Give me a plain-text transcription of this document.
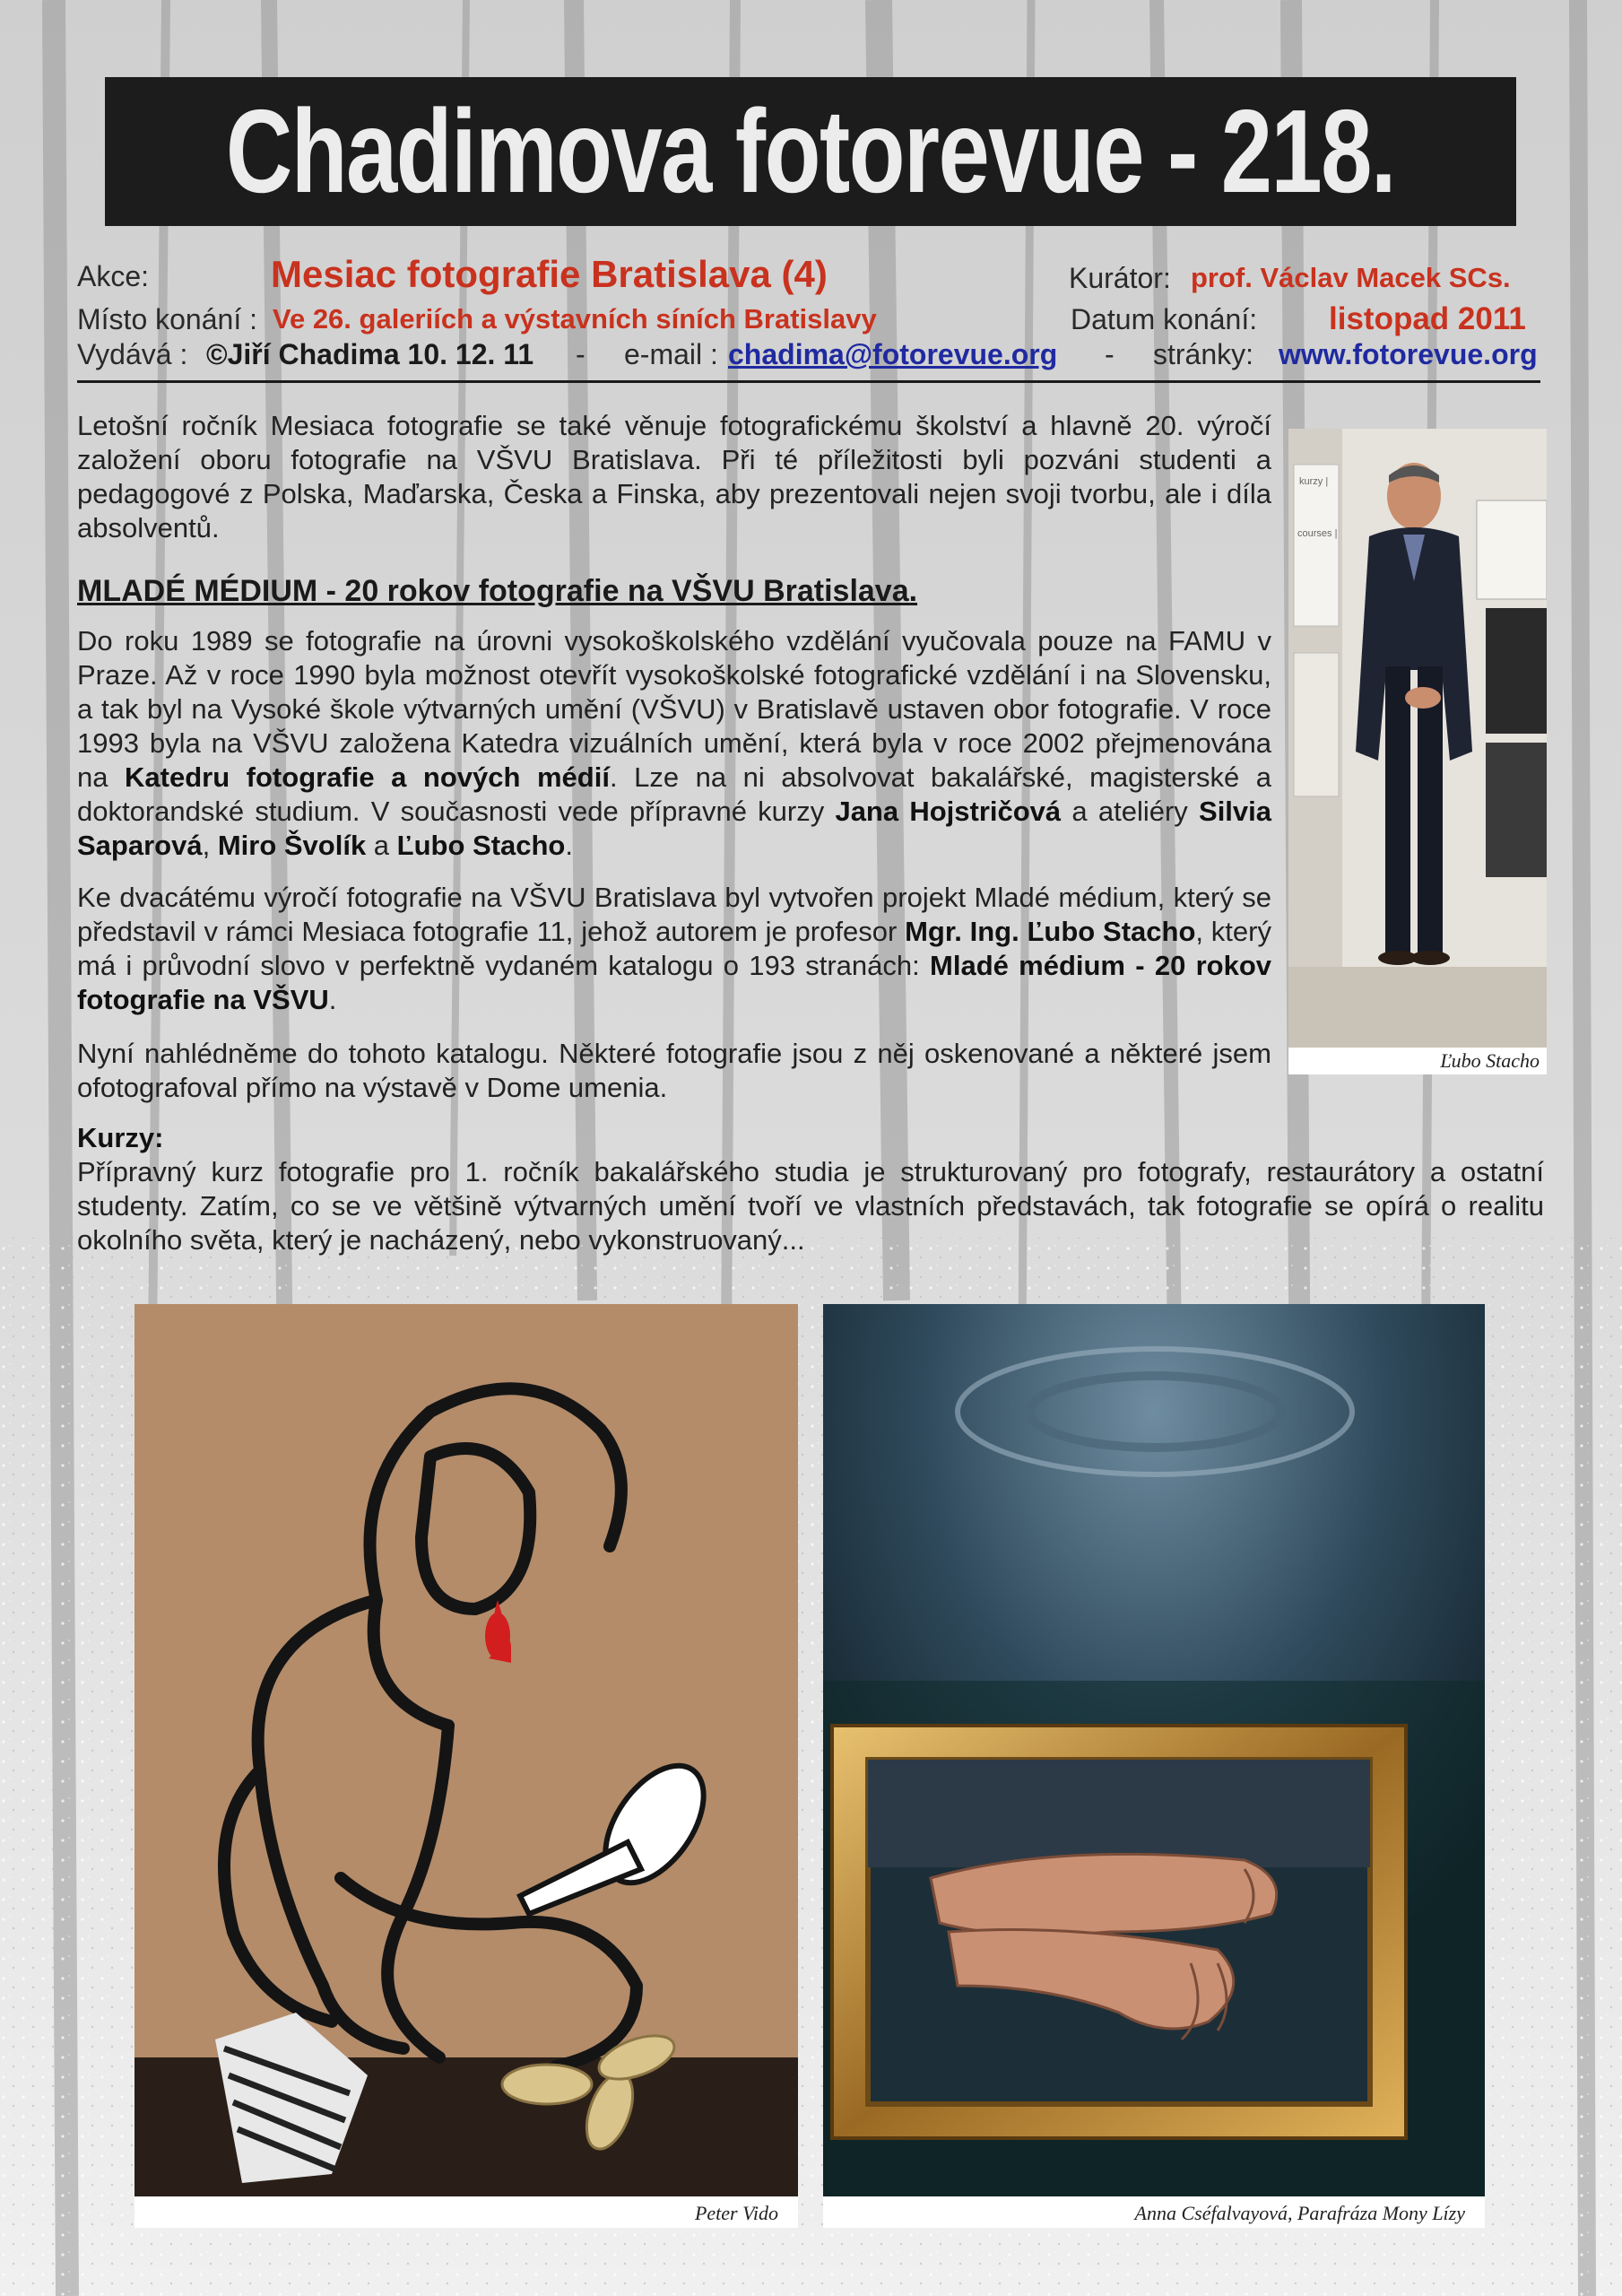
Chadimova fotorevue - 218.
Akce:	Mesiac fotografie Bratislava (4)	Kurátor: prof. Václav Macek SCs.
Místo konání : Ve 26. galeriích a výstavních síních Bratislavy	Datum konání: listopad 2011
Vydává : ©Jiří Chadima 10. 12. 11 - e-mail : chadima@fotorevue.org - stránky: www.fotorevue.org

Letošní ročník Mesiaca fotografie se také věnuje fotografickému školství a hlavně 20. výročí založení oboru fotografie na VŠVU Bratislava. Při té příležitosti byli pozváni studenti a pedagogové z Polska, Maďarska, Česka a Finska, aby prezentovali nejen svoji tvorbu, ale i díla absolventů.

MLADÉ MÉDIUM - 20 rokov fotografie na VŠVU Bratislava.

Do roku 1989 se fotografie na úrovni vysokoškolského vzdělání vyučovala pouze na FAMU v Praze. Až v roce 1990 byla možnost otevřít vysokoškolské fotografické vzdělání i na Slovensku, a tak byl na Vysoké škole výtvarných umění (VŠVU) v Bratislavě ustaven obor fotografie. V roce 1993 byla na VŠVU založena Katedra vizuálních umění, která byla v roce 2002 přejmenována na Katedru fotografie a nových médií. Lze na ni absolvovat bakalářské, magisterské a doktorandské studium. V současnosti vede přípravné kurzy Jana Hojstričová a ateliéry Silvia Saparová, Miro Švolík a Ľubo Stacho.

Ke dvacátému výročí fotografie na VŠVU Bratislava byl vytvořen projekt Mladé médium, který se představil v rámci Mesiaca fotografie 11, jehož autorem je profesor Mgr. Ing. Ľubo Stacho, který má i průvodní slovo v perfektně vydaném katalogu o 193 stranách: Mladé médium - 20 rokov fotografie na VŠVU.

Nyní nahlédněme do tohoto katalogu. Některé fotografie jsou z něj oskenované a některé jsem ofotografoval přímo na výstavě v Dome umenia.

Kurzy:

Přípravný kurz fotografie pro 1. ročník bakalářského studia je strukturovaný pro fotografy, restaurátory a ostatní studenty. Zatím, co se ve většině výtvarných umění tvoří ve vlastních představách, tak fotografie se opírá o realitu okolního světa, který je nacházený, nebo vykonstruovaný...

kurzy |
courses |
Ľubo Stacho
Peter Vido	Anna Cséfalvayová, Parafráza Mony Lízy
